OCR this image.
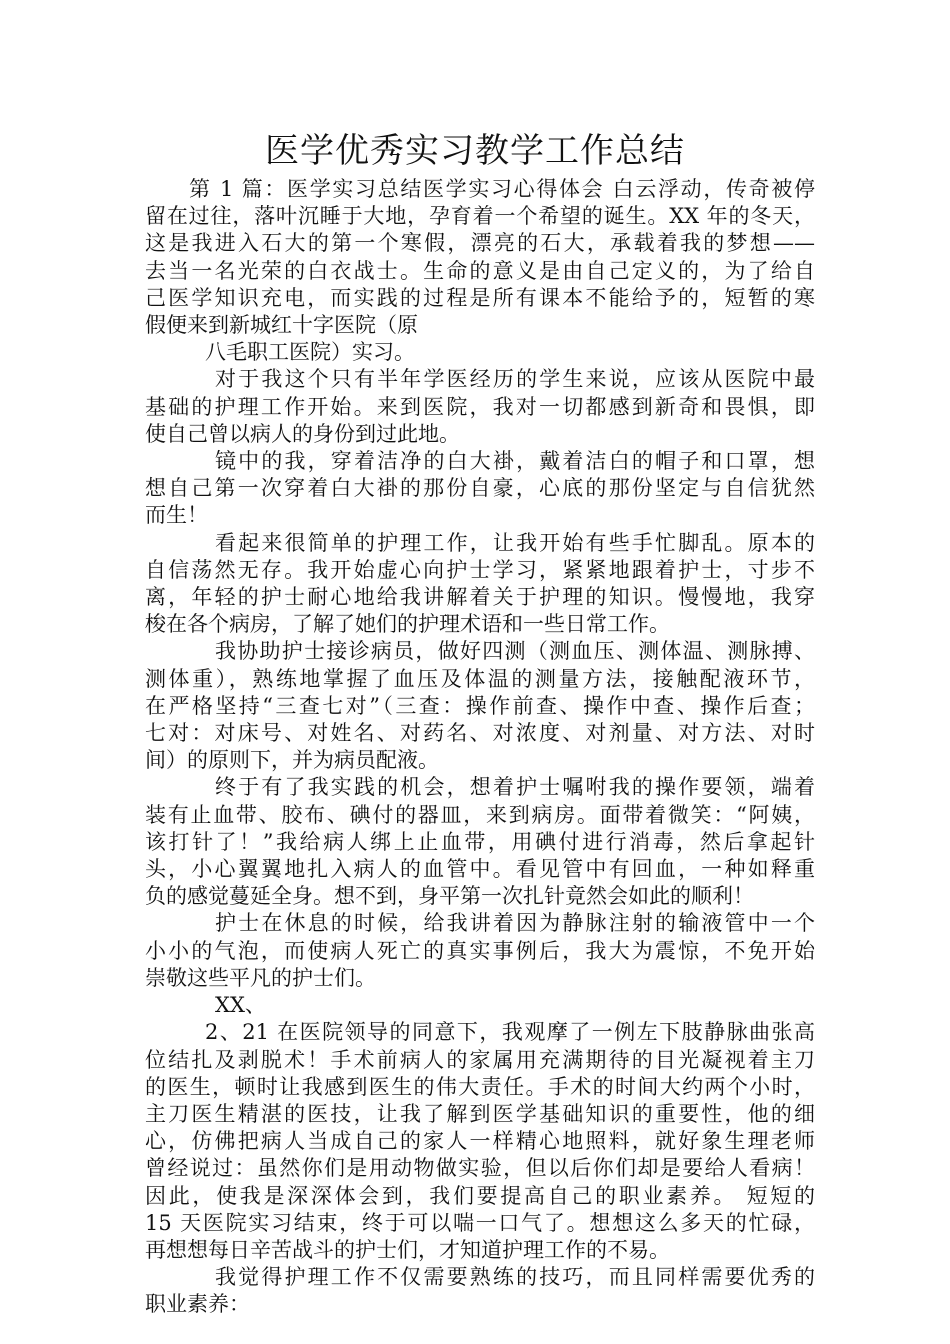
医学优秀实习教学工作总结
第 1 篇：医学实习总结医学实习心得体会 白云浮动，传奇被停
留在过往，落叶沉睡于大地，孕育着一个希望的诞生。XX 年的冬天，
这是我进入石大的第一个寒假，漂亮的石大，承载着我的梦想——
去当一名光荣的白衣战士。生命的意义是由自己定义的，为了给自
己医学知识充电，而实践的过程是所有课本不能给予的，短暂的寒
假便来到新城红十字医院（原
八毛职工医院）实习。
对于我这个只有半年学医经历的学生来说，应该从医院中最
基础的护理工作开始。来到医院，我对一切都感到新奇和畏惧，即
使自己曾以病人的身份到过此地。
镜中的我，穿着洁净的白大褂，戴着洁白的帽子和口罩，想
想自己第一次穿着白大褂的那份自豪，心底的那份坚定与自信犹然
而生！
看起来很简单的护理工作，让我开始有些手忙脚乱。原本的
自信荡然无存。我开始虚心向护士学习，紧紧地跟着护士，寸步不
离，年轻的护士耐心地给我讲解着关于护理的知识。慢慢地，我穿
梭在各个病房，了解了她们的护理术语和一些日常工作。
我协助护士接诊病员，做好四测（测血压、测体温、测脉搏、
测体重），熟练地掌握了血压及体温的测量方法，接触配液环节，
在严格坚持“三查七对”（三查：操作前查、操作中查、操作后查；
七对：对床号、对姓名、对药名、对浓度、对剂量、对方法、对时
间）的原则下，并为病员配液。
终于有了我实践的机会，想着护士嘱咐我的操作要领，端着
装有止血带、胶布、碘付的器皿，来到病房。面带着微笑：“阿姨，
该打针了！”我给病人绑上止血带，用碘付进行消毒，然后拿起针
头，小心翼翼地扎入病人的血管中。看见管中有回血，一种如释重
负的感觉蔓延全身。想不到，身平第一次扎针竟然会如此的顺利！
护士在休息的时候，给我讲着因为静脉注射的输液管中一个
小小的气泡，而使病人死亡的真实事例后，我大为震惊，不免开始
崇敬这些平凡的护士们。
XX、
2、21 在医院领导的同意下，我观摩了一例左下肢静脉曲张高
位结扎及剥脱术！手术前病人的家属用充满期待的目光凝视着主刀
的医生，顿时让我感到医生的伟大责任。手术的时间大约两个小时，
主刀医生精湛的医技，让我了解到医学基础知识的重要性，他的细
心，仿佛把病人当成自己的家人一样精心地照料，就好象生理老师
曾经说过：虽然你们是用动物做实验，但以后你们却是要给人看病！
因此，使我是深深体会到，我们要提高自己的职业素养。 短短的
15 天医院实习结束，终于可以喘一口气了。想想这么多天的忙碌，
再想想每日辛苦战斗的护士们，才知道护理工作的不易。
我觉得护理工作不仅需要熟练的技巧，而且同样需要优秀的
职业素养：
